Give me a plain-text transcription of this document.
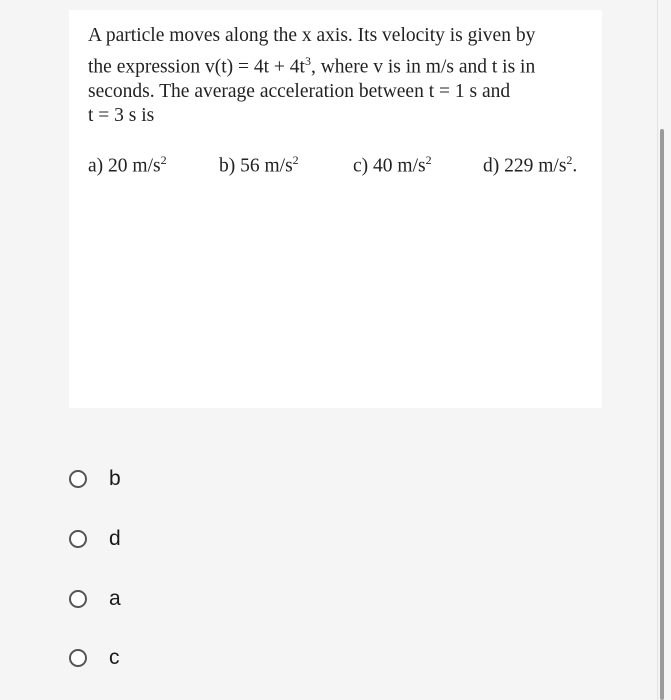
A particle moves along the x axis. Its velocity is given by
the expression $v(t) = 4t + 4t^3$, where v is in m/s and t is in
seconds. The average acceleration between t = 1 s and
t = 3 s is

a) 20 $m/s^2$	b) 56 $m/s^2$	c) 40 $m/s^2$	d) 229 $m/s^2$.

b
d
a
c
